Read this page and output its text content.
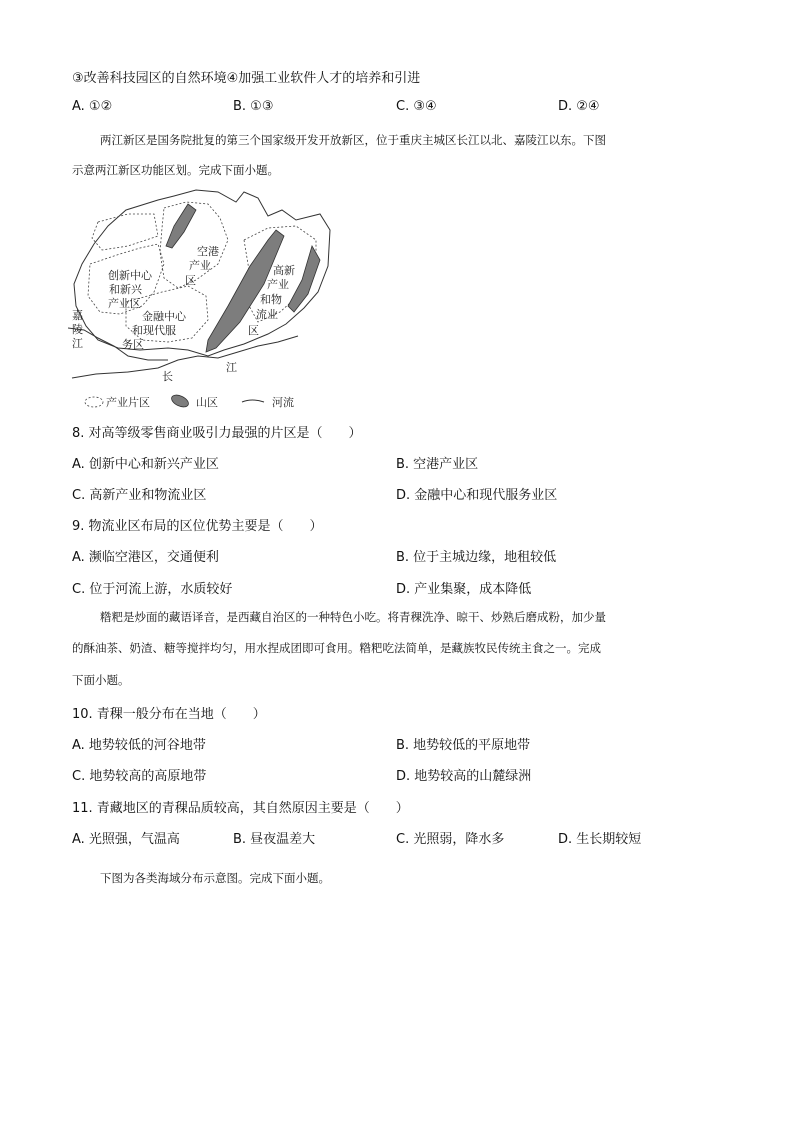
③改善科技园区的自然环境④加强工业软件人才的培养和引进
A. ①②	B. ①③	C. ③④	D. ②④
两江新区是国务院批复的第三个国家级开发开放新区，位于重庆主城区长江以北、嘉陵江以东。下图
示意两江新区功能区划。完成下面小题。
空港
产业
区
创新中心
和新兴
产业区
高新
产业
和物
流业
区
金融中心
和现代服
务区
嘉
陵
江
长
江
产业片区	山区	河流
8. 对高等级零售商业吸引力最强的片区是（　　）
A. 创新中心和新兴产业区	B. 空港产业区
C. 高新产业和物流业区	D. 金融中心和现代服务业区
9. 物流业区布局的区位优势主要是（　　）
A. 濒临空港区，交通便利	B. 位于主城边缘，地租较低
C. 位于河流上游，水质较好	D. 产业集聚，成本降低
糌粑是炒面的藏语译音，是西藏自治区的一种特色小吃。将青稞洗净、晾干、炒熟后磨成粉，加少量
的酥油茶、奶渣、糖等搅拌均匀，用水捏成团即可食用。糌粑吃法简单，是藏族牧民传统主食之一。完成
下面小题。
10. 青稞一般分布在当地（　　）
A. 地势较低的河谷地带	B. 地势较低的平原地带
C. 地势较高的高原地带	D. 地势较高的山麓绿洲
11. 青藏地区的青稞品质较高，其自然原因主要是（　　）
A. 光照强，气温高	B. 昼夜温差大	C. 光照弱，降水多	D. 生长期较短
下图为各类海域分布示意图。完成下面小题。
